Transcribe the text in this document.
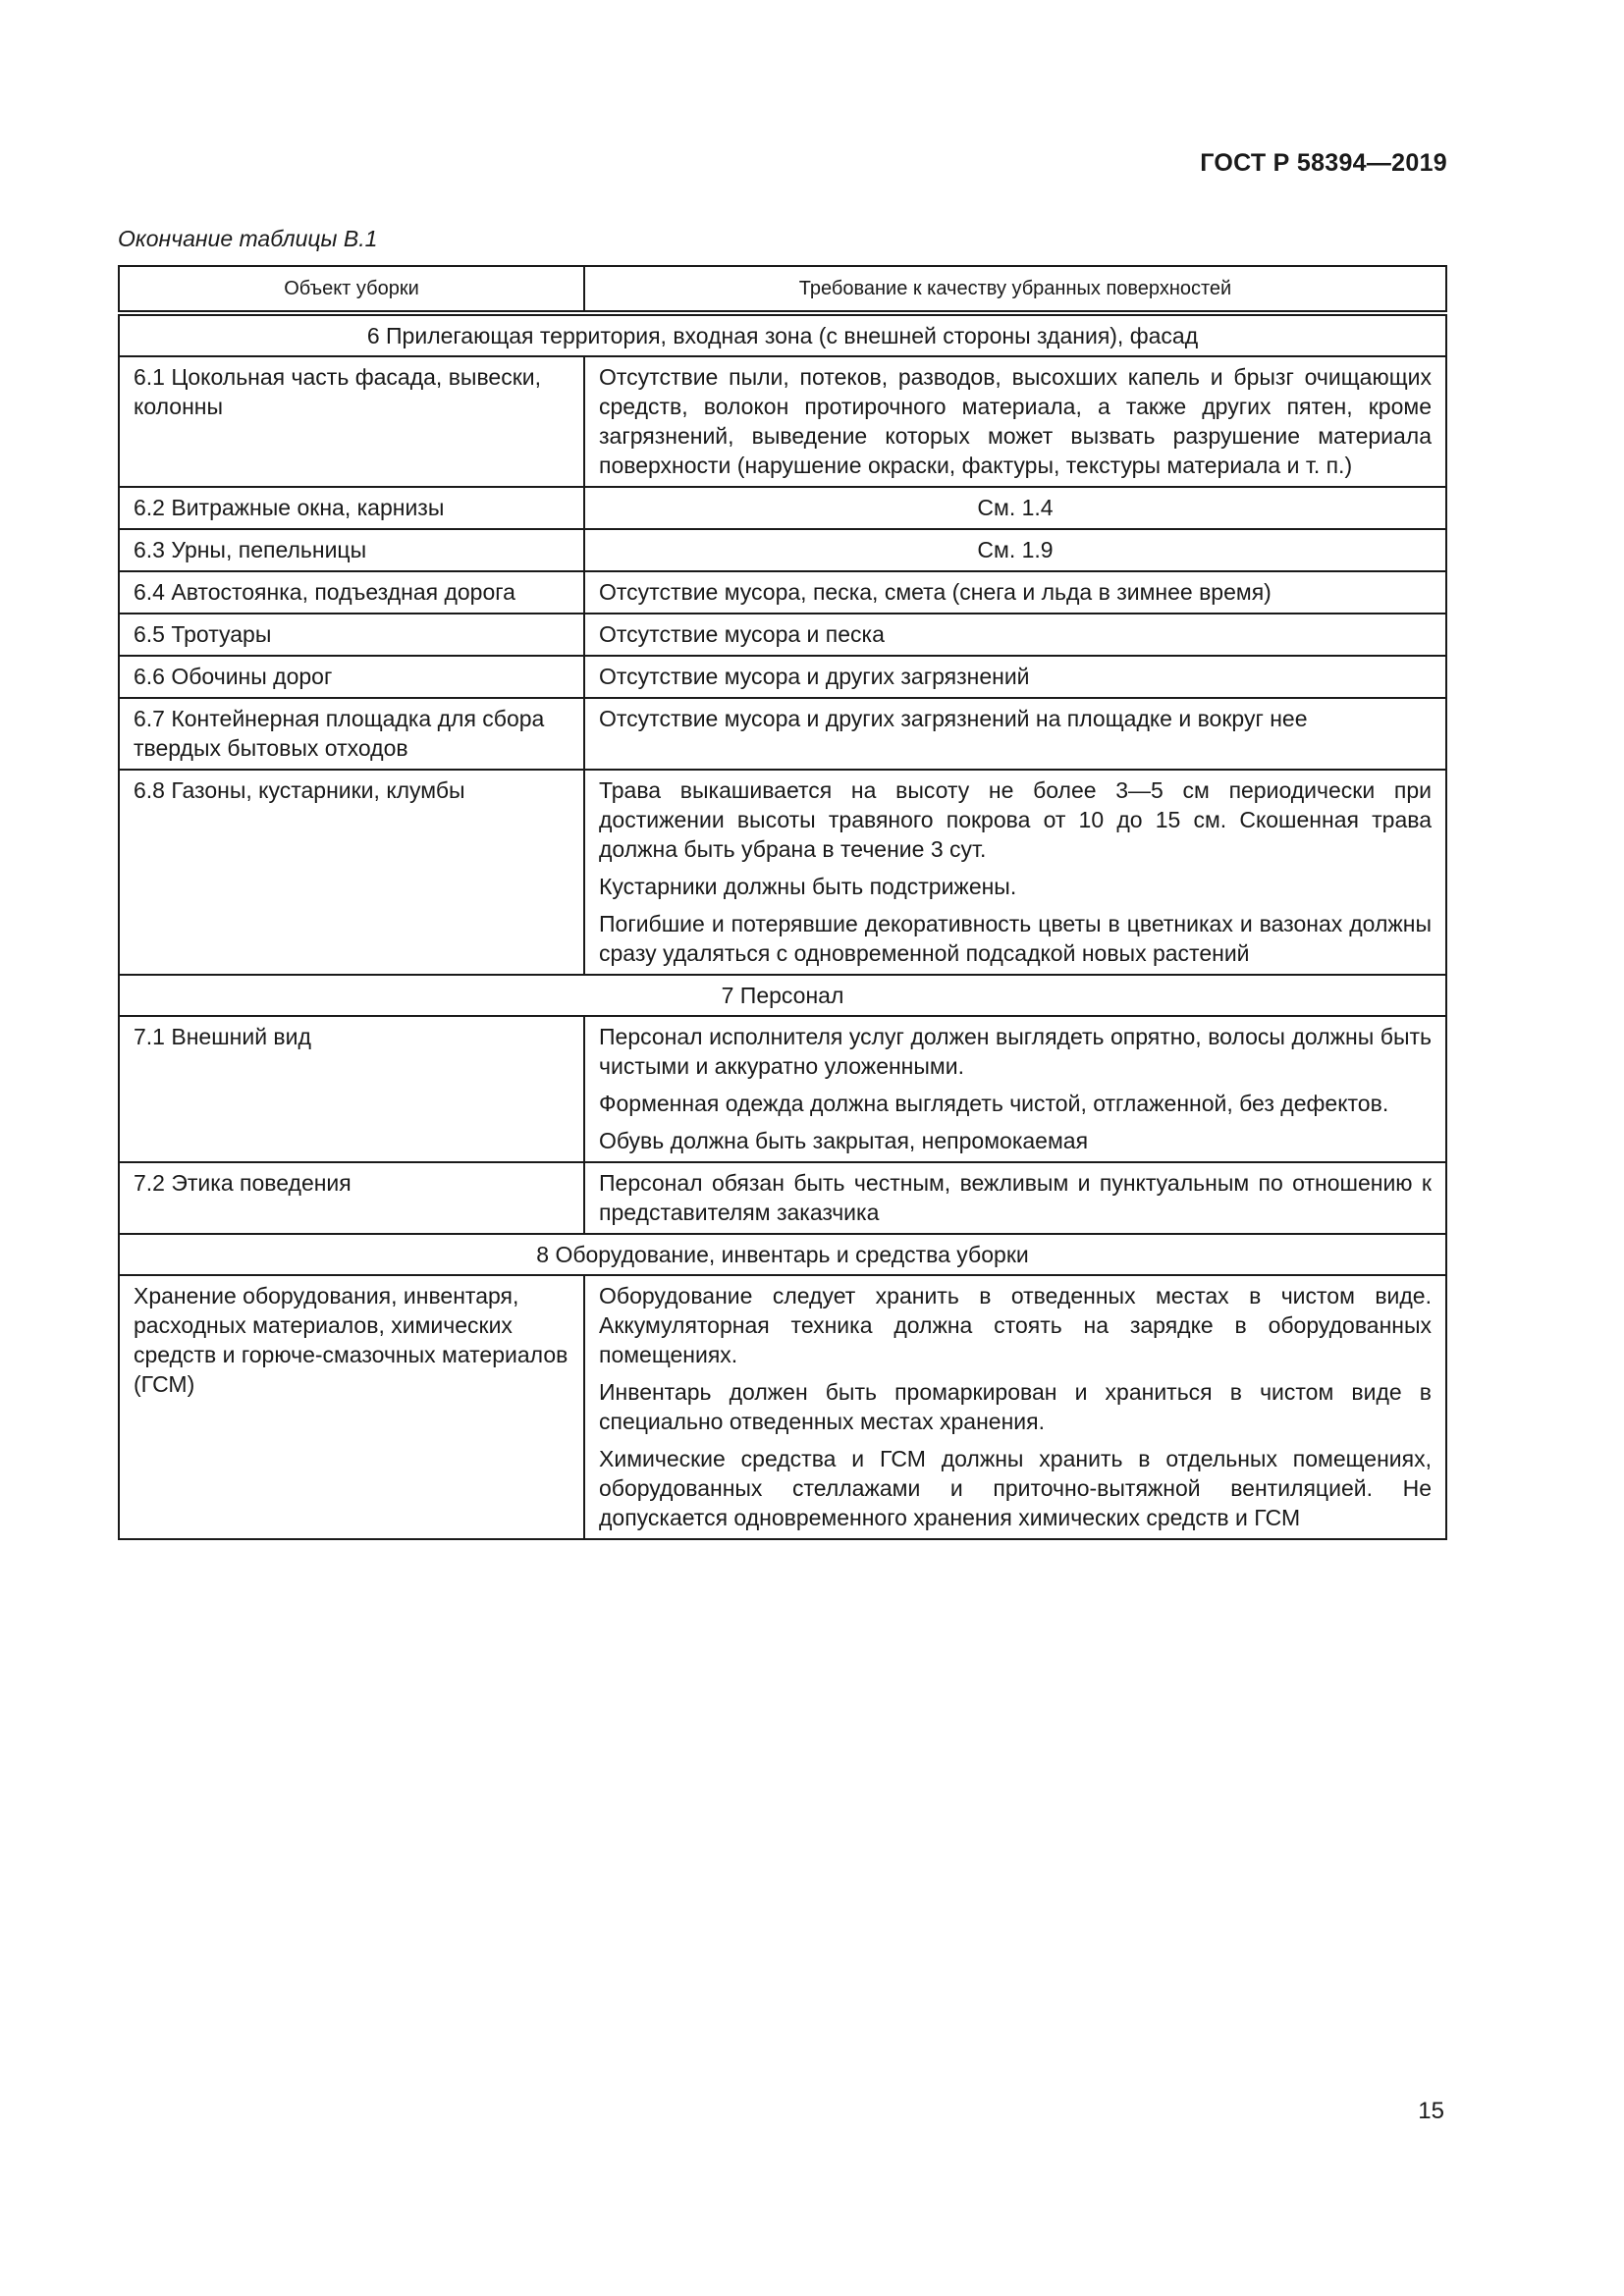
ГОСТ Р 58394—2019
Окончание таблицы В.1
Объект уборки	Требование к качеству убранных поверхностей
6 Прилегающая территория, входная зона (с внешней стороны здания), фасад	
6.1 Цокольная часть фасада, вывески, колонны	Отсутствие пыли, потеков, разводов, высохших капель и брызг очищающих средств, волокон протирочного материала, а также других пятен, кроме загрязнений, выведение которых может вызвать разрушение материала поверхности (нарушение окраски, фактуры, текстуры материала и т. п.)

6.2 Витражные окна, карнизы	См. 1.4

6.3 Урны, пепельницы	См. 1.9

6.4 Автостоянка, подъездная дорога	Отсутствие мусора, песка, смета (снега и льда в зимнее время)

6.5 Тротуары	Отсутствие мусора и песка

6.6 Обочины дорог	Отсутствие мусора и других загрязнений

6.7 Контейнерная площадка для сбора твердых бытовых отходов	Отсутствие мусора и других загрязнений на площадке и вокруг нее

6.8 Газоны, кустарники, клумбы	Трава выкашивается на высоту не более 3—5 см периодически при достижении высоты травяного покрова от 10 до 15 см. Скошенная трава должна быть убрана в течение 3 сут.

Кустарники должны быть подстрижены.

Погибшие и потерявшие декоративность цветы в цветниках и вазонах должны сразу удаляться с одновременной подсадкой новых растений

7 Персонал	
7.1 Внешний вид	Персонал исполнителя услуг должен выглядеть опрятно, волосы должны быть чистыми и аккуратно уложенными.

Форменная одежда должна выглядеть чистой, отглаженной, без дефектов.

Обувь должна быть закрытая, непромокаемая

7.2 Этика поведения	Персонал обязан быть честным, вежливым и пунктуальным по отношению к представителям заказчика

8 Оборудование, инвентарь и средства уборки	
Хранение оборудования, инвентаря, расходных материалов, химических средств и горюче-смазочных материалов (ГСМ)	Оборудование следует хранить в отведенных местах в чистом виде. Аккумуляторная техника должна стоять на зарядке в оборудованных помещениях.

Инвентарь должен быть промаркирован и храниться в чистом виде в специально отведенных местах хранения.

Химические средства и ГСМ должны хранить в отдельных помещениях, оборудованных стеллажами и приточно-вытяжной вентиляцией. Не допускается одновременного хранения химических средств и ГСМ

15
